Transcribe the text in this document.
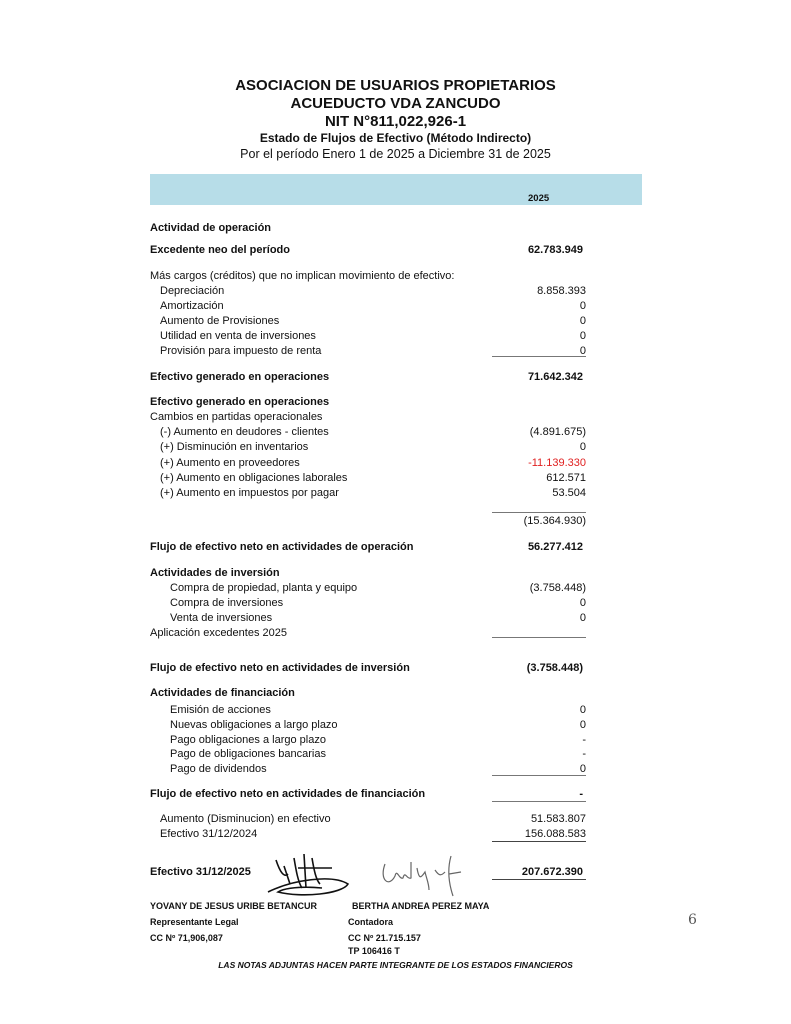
ASOCIACION DE USUARIOS PROPIETARIOS
ACUEDUCTO VDA ZANCUDO
NIT N°811,022,926-1
Estado de Flujos de Efectivo (Método Indirecto)
Por el período Enero 1 de 2025 a Diciembre 31 de 2025
2025
Actividad de operación
Excedente neo del período	62.783.949
Más cargos (créditos) que no implican movimiento de efectivo:
Depreciación	8.858.393
Amortización	0
Aumento de Provisiones	0
Utilidad en venta de inversiones	0
Provisión para impuesto de renta	0
Efectivo generado en operaciones	71.642.342
Efectivo generado en operaciones
Cambios en partidas operacionales
(-) Aumento en deudores - clientes	(4.891.675)
(+) Disminución en inventarios	0
(+) Aumento en proveedores	-11.139.330
(+) Aumento en obligaciones laborales	612.571
(+) Aumento en impuestos por pagar	53.504
(15.364.930)
Flujo de efectivo neto en actividades de operación	56.277.412
Actividades de inversión
Compra de propiedad, planta y equipo	(3.758.448)
Compra de inversiones	0
Venta de inversiones	0
Aplicación excedentes 2025
Flujo de efectivo neto en actividades de inversión	(3.758.448)
Actividades de financiación
Emisión de acciones	0
Nuevas obligaciones a largo plazo	0
Pago obligaciones a largo plazo	-
Pago de obligaciones bancarias	-
Pago de dividendos	0
Flujo de efectivo neto en actividades de financiación	-
Aumento (Disminucion) en efectivo	51.583.807
Efectivo 31/12/2024	156.088.583
Efectivo 31/12/2025	207.672.390
YOVANY DE JESUS URIBE BETANCUR
Representante Legal
CC Nº 71,906,087
BERTHA ANDREA PEREZ MAYA
Contadora
CC Nº 21.715.157
TP 106416 T
LAS NOTAS ADJUNTAS HACEN PARTE INTEGRANTE DE LOS ESTADOS FINANCIEROS
6
